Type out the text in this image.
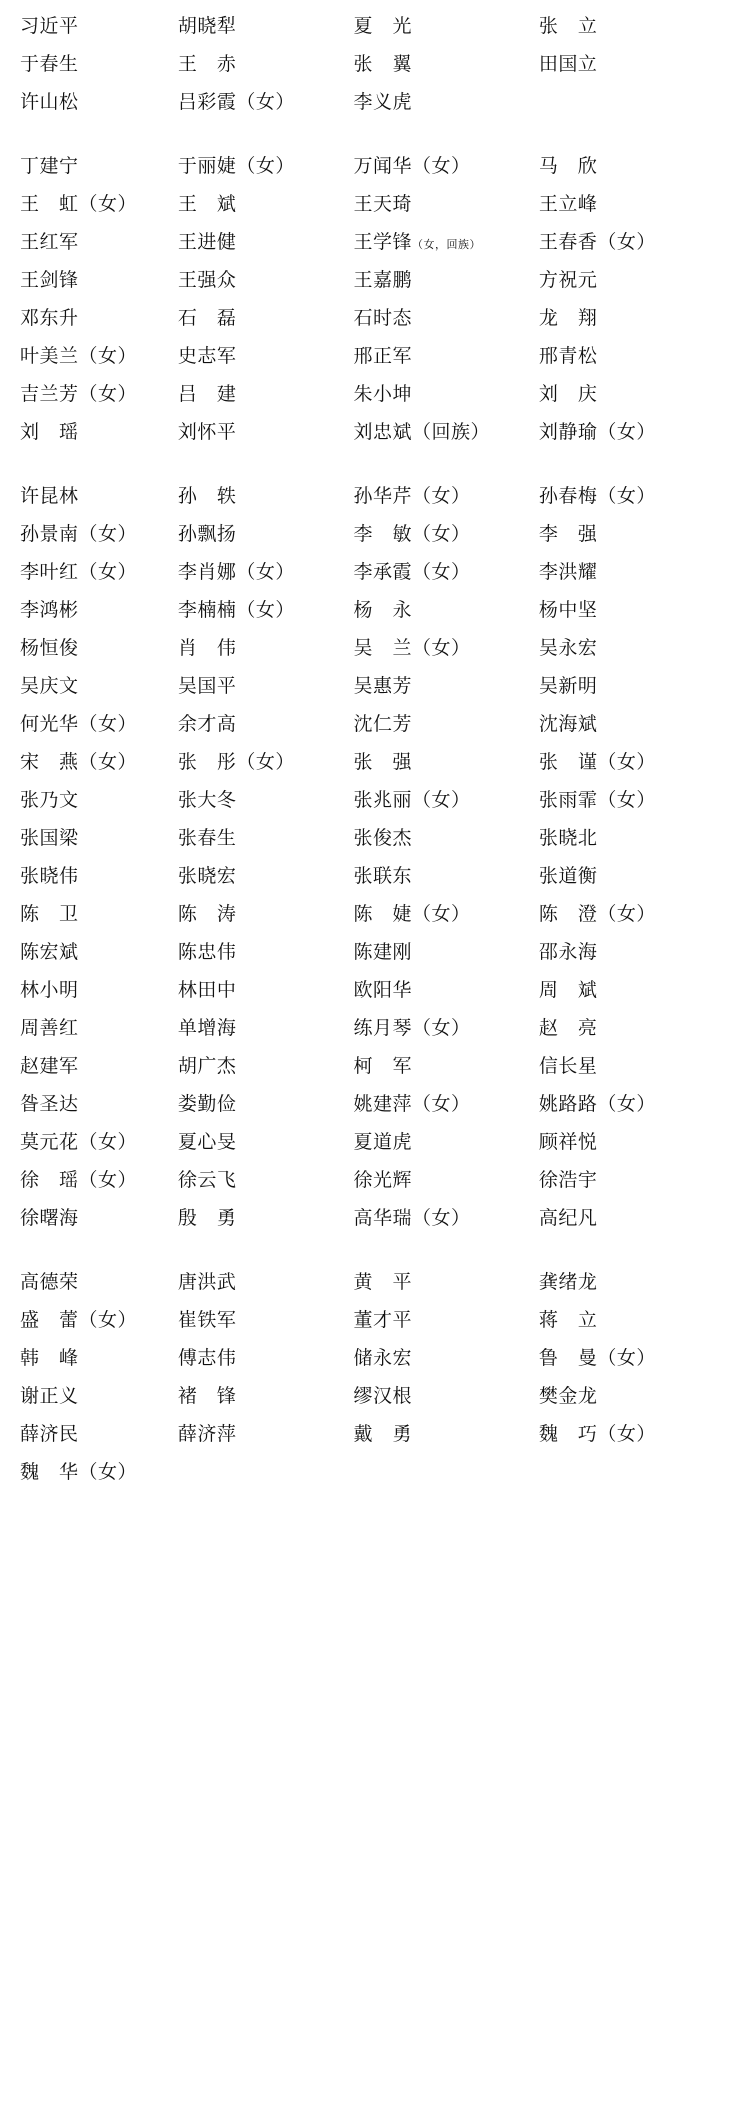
习近平	胡晓犁	夏　光	张　立
于春生	王　赤	张　翼	田国立
许山松	吕彩霞（女）	李义虎
丁建宁	于丽婕（女）	万闻华（女）	马　欣
王　虹（女）	王　斌	王天琦	王立峰
王红军	王进健	王学锋（女，回族）	王春香（女）
王剑锋	王强众	王嘉鹏	方祝元
邓东升	石　磊	石时态	龙　翔
叶美兰（女）	史志军	邢正军	邢青松
吉兰芳（女）	吕　建	朱小坤	刘　庆
刘　瑶	刘怀平	刘忠斌（回族）	刘静瑜（女）
许昆林	孙　轶	孙华芹（女）	孙春梅（女）
孙景南（女）	孙飘扬	李　敏（女）	李　强
李叶红（女）	李肖娜（女）	李承霞（女）	李洪耀
李鸿彬	李楠楠（女）	杨　永	杨中坚
杨恒俊	肖　伟	吴　兰（女）	吴永宏
吴庆文	吴国平	吴惠芳	吴新明
何光华（女）	余才高	沈仁芳	沈海斌
宋　燕（女）	张　彤（女）	张　强	张　谨（女）
张乃文	张大冬	张兆丽（女）	张雨霏（女）
张国梁	张春生	张俊杰	张晓北
张晓伟	张晓宏	张联东	张道衡
陈　卫	陈　涛	陈　婕（女）	陈　澄（女）
陈宏斌	陈忠伟	陈建刚	邵永海
林小明	林田中	欧阳华	周　斌
周善红	单增海	练月琴（女）	赵　亮
赵建军	胡广杰	柯　军	信长星
昝圣达	娄勤俭	姚建萍（女）	姚路路（女）
莫元花（女）	夏心旻	夏道虎	顾祥悦
徐　瑶（女）	徐云飞	徐光辉	徐浩宇
徐曙海	殷　勇	高华瑞（女）	高纪凡
高德荣	唐洪武	黄　平	龚绪龙
盛　蕾（女）	崔铁军	董才平	蒋　立
韩　峰	傅志伟	储永宏	鲁　曼（女）
谢正义	褚　锋	缪汉根	樊金龙
薛济民	薛济萍	戴　勇	魏　巧（女）
魏　华（女）
